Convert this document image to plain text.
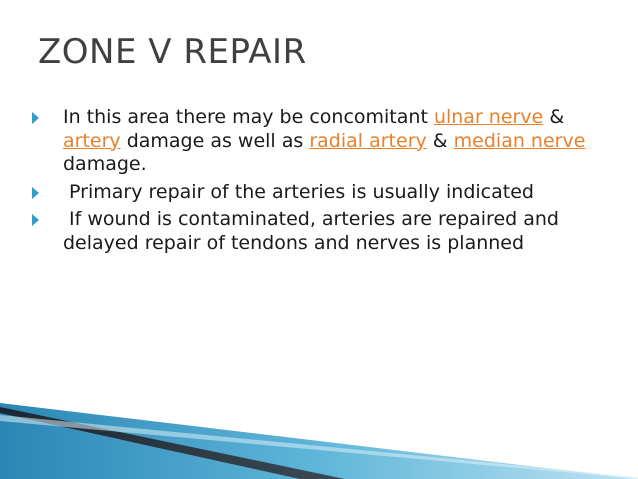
ZONE V REPAIR
In this area there may be concomitant ulnar nerve & artery damage as well as radial artery & median nerve damage.
Primary repair of the arteries is usually indicated
If wound is contaminated, arteries are repaired and delayed repair of tendons and nerves is planned
